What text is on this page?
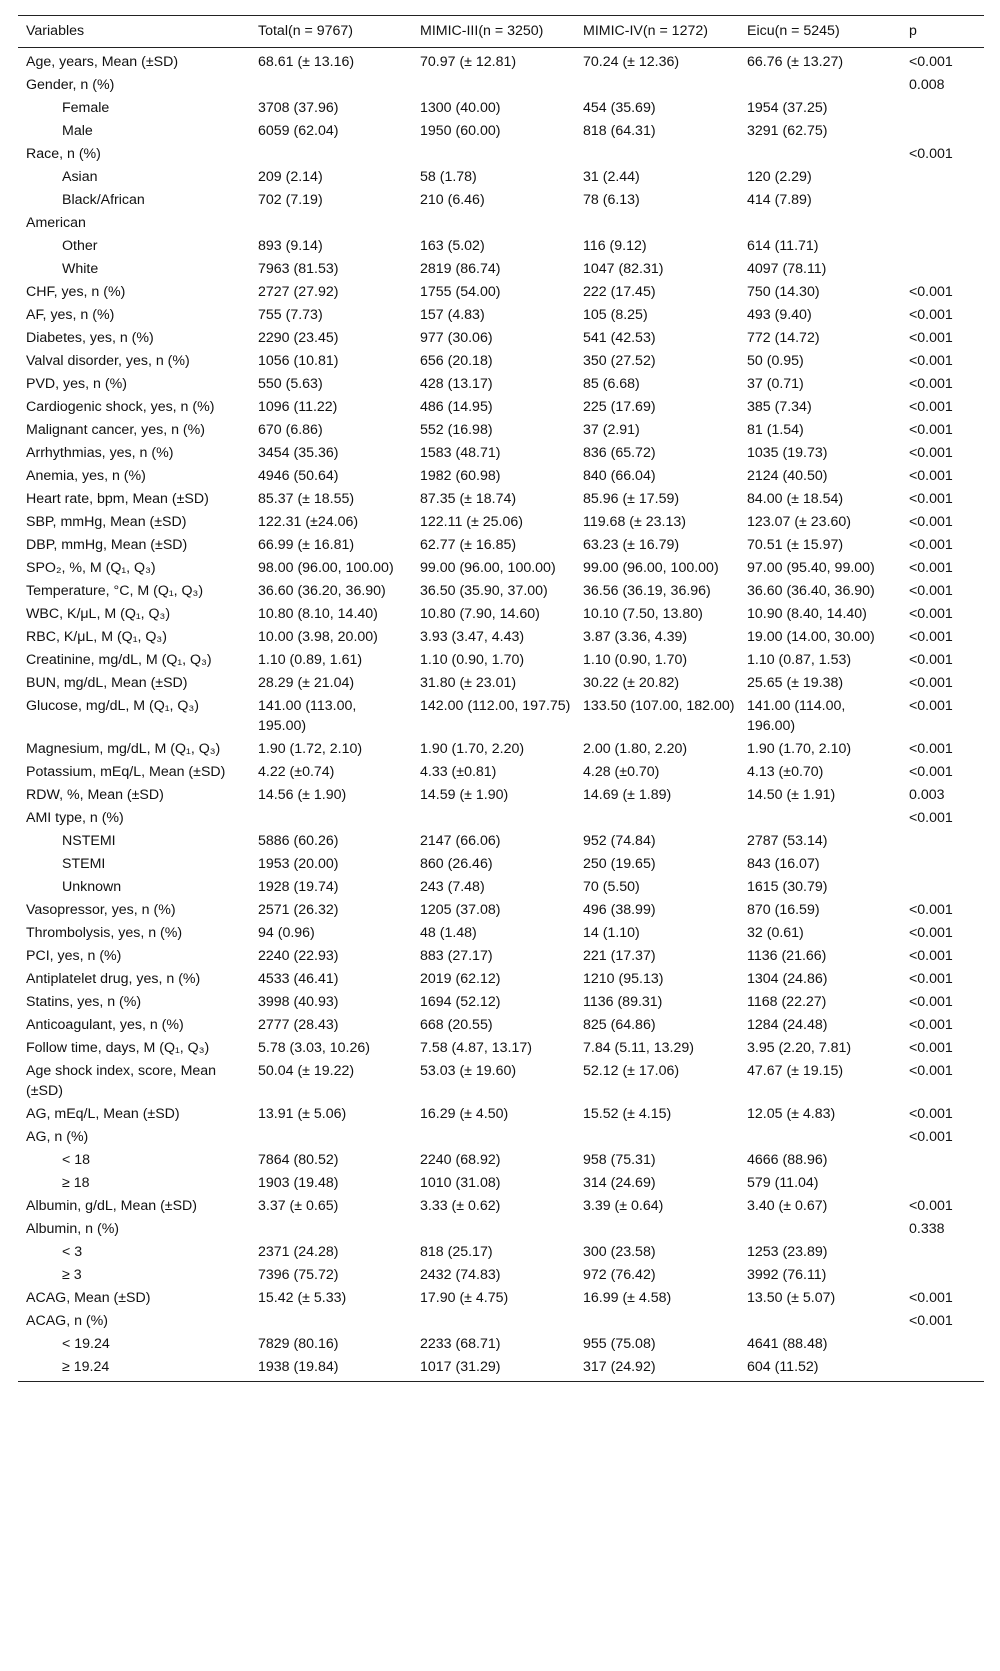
Variables	Total(n = 9767)	MIMIC-III(n = 3250)	MIMIC-IV(n = 1272)	Eicu(n = 5245)	p
Age, years, Mean (±SD)	68.61 (± 13.16)	70.97 (± 12.81)	70.24 (± 12.36)	66.76 (± 13.27)	<0.001
Gender, n (%)					0.008
Female	3708 (37.96)	1300 (40.00)	454 (35.69)	1954 (37.25)	
Male	6059 (62.04)	1950 (60.00)	818 (64.31)	3291 (62.75)	
Race, n (%)					<0.001
Asian	209 (2.14)	58 (1.78)	31 (2.44)	120 (2.29)	
Black/African	702 (7.19)	210 (6.46)	78 (6.13)	414 (7.89)	
American					
Other	893 (9.14)	163 (5.02)	116 (9.12)	614 (11.71)	
White	7963 (81.53)	2819 (86.74)	1047 (82.31)	4097 (78.11)	
CHF, yes, n (%)	2727 (27.92)	1755 (54.00)	222 (17.45)	750 (14.30)	<0.001
AF, yes, n (%)	755 (7.73)	157 (4.83)	105 (8.25)	493 (9.40)	<0.001
Diabetes, yes, n (%)	2290 (23.45)	977 (30.06)	541 (42.53)	772 (14.72)	<0.001
Valval disorder, yes, n (%)	1056 (10.81)	656 (20.18)	350 (27.52)	50 (0.95)	<0.001
PVD, yes, n (%)	550 (5.63)	428 (13.17)	85 (6.68)	37 (0.71)	<0.001
Cardiogenic shock, yes, n (%)	1096 (11.22)	486 (14.95)	225 (17.69)	385 (7.34)	<0.001
Malignant cancer, yes, n (%)	670 (6.86)	552 (16.98)	37 (2.91)	81 (1.54)	<0.001
Arrhythmias, yes, n (%)	3454 (35.36)	1583 (48.71)	836 (65.72)	1035 (19.73)	<0.001
Anemia, yes, n (%)	4946 (50.64)	1982 (60.98)	840 (66.04)	2124 (40.50)	<0.001
Heart rate, bpm, Mean (±SD)	85.37 (± 18.55)	87.35 (± 18.74)	85.96 (± 17.59)	84.00 (± 18.54)	<0.001
SBP, mmHg, Mean (±SD)	122.31 (±24.06)	122.11 (± 25.06)	119.68 (± 23.13)	123.07 (± 23.60)	<0.001
DBP, mmHg, Mean (±SD)	66.99 (± 16.81)	62.77 (± 16.85)	63.23 (± 16.79)	70.51 (± 15.97)	<0.001
SPO₂, %, M (Q₁, Q₃)	98.00 (96.00, 100.00)	99.00 (96.00, 100.00)	99.00 (96.00, 100.00)	97.00 (95.40, 99.00)	<0.001
Temperature, °C, M (Q₁, Q₃)	36.60 (36.20, 36.90)	36.50 (35.90, 37.00)	36.56 (36.19, 36.96)	36.60 (36.40, 36.90)	<0.001
WBC, K/μL, M (Q₁, Q₃)	10.80 (8.10, 14.40)	10.80 (7.90, 14.60)	10.10 (7.50, 13.80)	10.90 (8.40, 14.40)	<0.001
RBC, K/μL, M (Q₁, Q₃)	10.00 (3.98, 20.00)	3.93 (3.47, 4.43)	3.87 (3.36, 4.39)	19.00 (14.00, 30.00)	<0.001
Creatinine, mg/dL, M (Q₁, Q₃)	1.10 (0.89, 1.61)	1.10 (0.90, 1.70)	1.10 (0.90, 1.70)	1.10 (0.87, 1.53)	<0.001
BUN, mg/dL, Mean (±SD)	28.29 (± 21.04)	31.80 (± 23.01)	30.22 (± 20.82)	25.65 (± 19.38)	<0.001
Glucose, mg/dL, M (Q₁, Q₃)	141.00 (113.00, 195.00)	142.00 (112.00, 197.75)	133.50 (107.00, 182.00)	141.00 (114.00, 196.00)	<0.001
Magnesium, mg/dL, M (Q₁, Q₃)	1.90 (1.72, 2.10)	1.90 (1.70, 2.20)	2.00 (1.80, 2.20)	1.90 (1.70, 2.10)	<0.001
Potassium, mEq/L, Mean (±SD)	4.22 (±0.74)	4.33 (±0.81)	4.28 (±0.70)	4.13 (±0.70)	<0.001
RDW, %, Mean (±SD)	14.56 (± 1.90)	14.59 (± 1.90)	14.69 (± 1.89)	14.50 (± 1.91)	0.003
AMI type, n (%)					<0.001
NSTEMI	5886 (60.26)	2147 (66.06)	952 (74.84)	2787 (53.14)	
STEMI	1953 (20.00)	860 (26.46)	250 (19.65)	843 (16.07)	
Unknown	1928 (19.74)	243 (7.48)	70 (5.50)	1615 (30.79)	
Vasopressor, yes, n (%)	2571 (26.32)	1205 (37.08)	496 (38.99)	870 (16.59)	<0.001
Thrombolysis, yes, n (%)	94 (0.96)	48 (1.48)	14 (1.10)	32 (0.61)	<0.001
PCI, yes, n (%)	2240 (22.93)	883 (27.17)	221 (17.37)	1136 (21.66)	<0.001
Antiplatelet drug, yes, n (%)	4533 (46.41)	2019 (62.12)	1210 (95.13)	1304 (24.86)	<0.001
Statins, yes, n (%)	3998 (40.93)	1694 (52.12)	1136 (89.31)	1168 (22.27)	<0.001
Anticoagulant, yes, n (%)	2777 (28.43)	668 (20.55)	825 (64.86)	1284 (24.48)	<0.001
Follow time, days, M (Q₁, Q₃)	5.78 (3.03, 10.26)	7.58 (4.87, 13.17)	7.84 (5.11, 13.29)	3.95 (2.20, 7.81)	<0.001
Age shock index, score, Mean (±SD)	50.04 (± 19.22)	53.03 (± 19.60)	52.12 (± 17.06)	47.67 (± 19.15)	<0.001
AG, mEq/L, Mean (±SD)	13.91 (± 5.06)	16.29 (± 4.50)	15.52 (± 4.15)	12.05 (± 4.83)	<0.001
AG, n (%)					<0.001
< 18	7864 (80.52)	2240 (68.92)	958 (75.31)	4666 (88.96)	
≥ 18	1903 (19.48)	1010 (31.08)	314 (24.69)	579 (11.04)	
Albumin, g/dL, Mean (±SD)	3.37 (± 0.65)	3.33 (± 0.62)	3.39 (± 0.64)	3.40 (± 0.67)	<0.001
Albumin, n (%)					0.338
< 3	2371 (24.28)	818 (25.17)	300 (23.58)	1253 (23.89)	
≥ 3	7396 (75.72)	2432 (74.83)	972 (76.42)	3992 (76.11)	
ACAG, Mean (±SD)	15.42 (± 5.33)	17.90 (± 4.75)	16.99 (± 4.58)	13.50 (± 5.07)	<0.001
ACAG, n (%)					<0.001
< 19.24	7829 (80.16)	2233 (68.71)	955 (75.08)	4641 (88.48)	
≥ 19.24	1938 (19.84)	1017 (31.29)	317 (24.92)	604 (11.52)	
